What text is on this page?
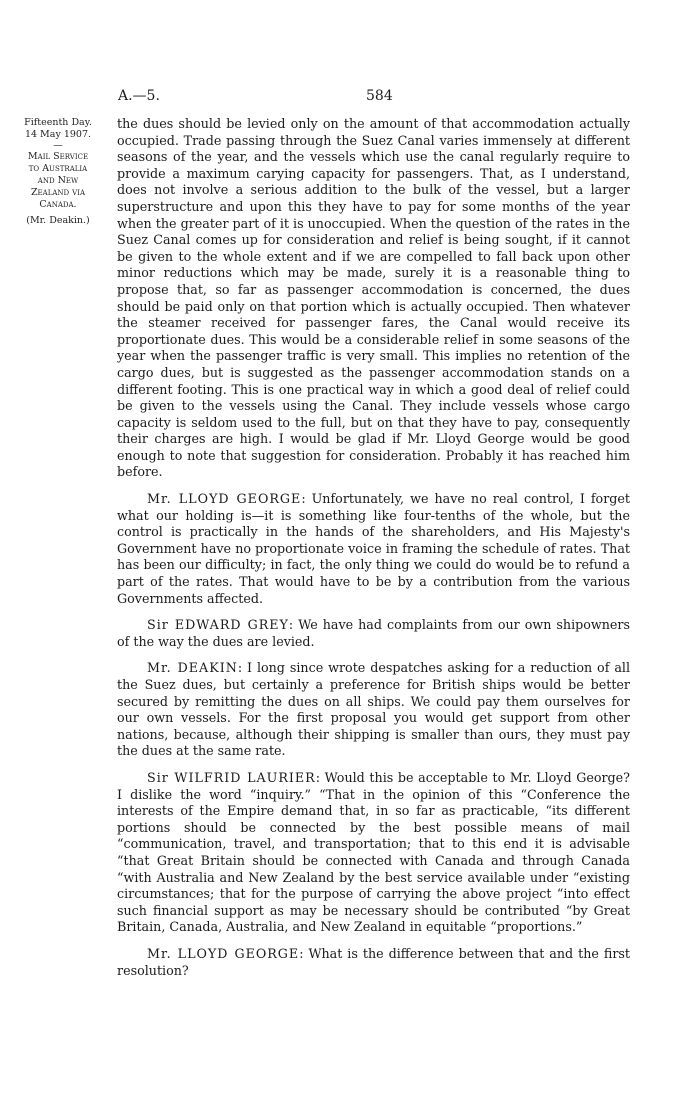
A.—5.	584
Fifteenth Day.
14 May 1907.
—
Mail Service
to Australia
and New
Zealand via
Canada.
(Mr. Deakin.)

the dues should be levied only on the amount of that accommodation actually occupied. Trade passing through the Suez Canal varies immensely at different seasons of the year, and the vessels which use the canal regularly require to provide a maximum carying capacity for passengers. That, as I understand, does not involve a serious addition to the bulk of the vessel, but a larger superstructure and upon this they have to pay for some months of the year when the greater part of it is unoccupied. When the question of the rates in the Suez Canal comes up for consideration and relief is being sought, if it cannot be given to the whole extent and if we are compelled to fall back upon other minor reductions which may be made, surely it is a reasonable thing to propose that, so far as passenger accommodation is concerned, the dues should be paid only on that portion which is actually occupied. Then whatever the steamer received for passenger fares, the Canal would receive its proportionate dues. This would be a considerable relief in some seasons of the year when the passenger traffic is very small. This implies no retention of the cargo dues, but is suggested as the passenger accommodation stands on a different footing. This is one practical way in which a good deal of relief could be given to the vessels using the Canal. They include vessels whose cargo capacity is seldom used to the full, but on that they have to pay, consequently their charges are high. I would be glad if Mr. Lloyd George would be good enough to note that suggestion for consideration. Probably it has reached him before.

Mr. LLOYD GEORGE: Unfortunately, we have no real control, I forget what our holding is—it is something like four-tenths of the whole, but the control is practically in the hands of the shareholders, and His Majesty's Government have no proportionate voice in framing the schedule of rates. That has been our difficulty; in fact, the only thing we could do would be to refund a part of the rates. That would have to be by a contribution from the various Governments affected.

Sir EDWARD GREY: We have had complaints from our own shipowners of the way the dues are levied.

Mr. DEAKIN: I long since wrote despatches asking for a reduction of all the Suez dues, but certainly a preference for British ships would be better secured by remitting the dues on all ships. We could pay them ourselves for our own vessels. For the first proposal you would get support from other nations, because, although their shipping is smaller than ours, they must pay the dues at the same rate.

Sir WILFRID LAURIER: Would this be acceptable to Mr. Lloyd George? I dislike the word “inquiry.” “That in the opinion of this “Conference the interests of the Empire demand that, in so far as practicable, “its different portions should be connected by the best possible means of mail “communication, travel, and transportation; that to this end it is advisable “that Great Britain should be connected with Canada and through Canada “with Australia and New Zealand by the best service available under “existing circumstances; that for the purpose of carrying the above project “into effect such financial support as may be necessary should be contributed “by Great Britain, Canada, Australia, and New Zealand in equitable “proportions.”

Mr. LLOYD GEORGE: What is the difference between that and the first resolution?
